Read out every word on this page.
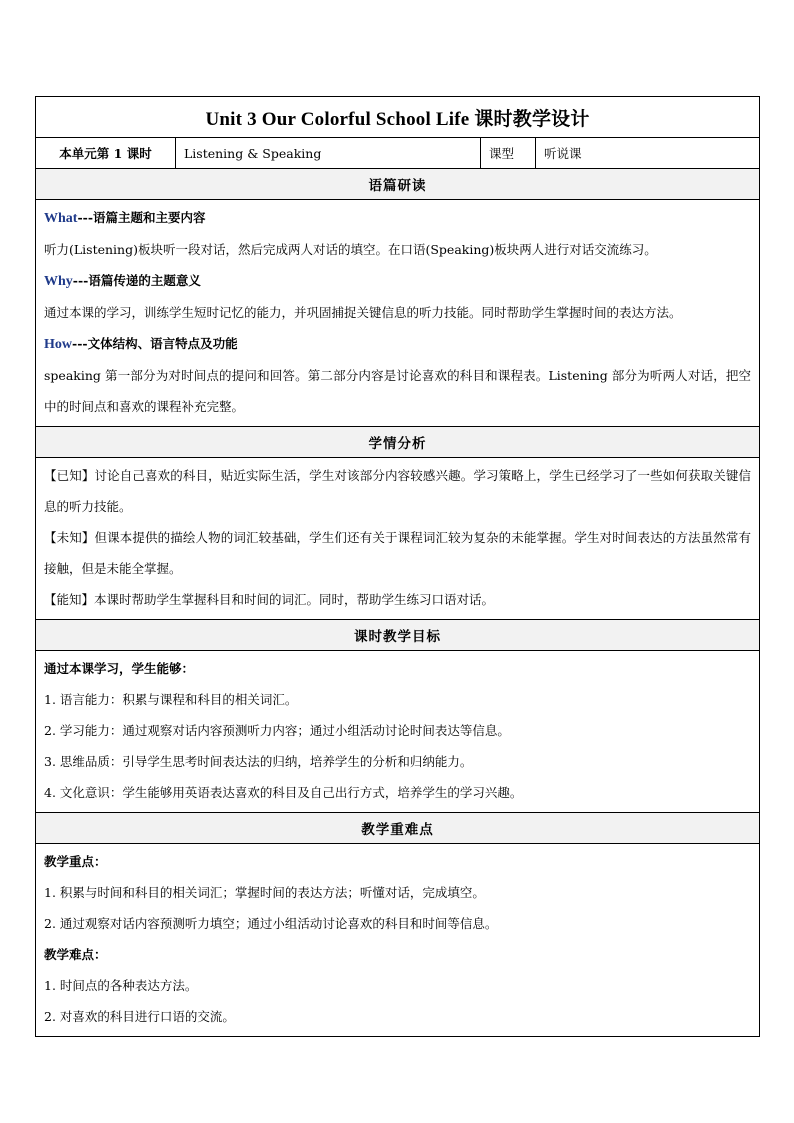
Unit 3 Our Colorful School Life 课时教学设计
本单元第 1 课时	Listening & Speaking	课型	听说课
语篇研读

What---语篇主题和主要内容
听力(Listening)板块听一段对话，然后完成两人对话的填空。在口语(Speaking)板块两人进行对话交流练习。
Why---语篇传递的主题意义
通过本课的学习，训练学生短时记忆的能力，并巩固捕捉关键信息的听力技能。同时帮助学生掌握时间的表达方法。
How---文体结构、语言特点及功能
speaking 第一部分为对时间点的提问和回答。第二部分内容是讨论喜欢的科目和课程表。Listening 部分为听两人对话，把空中的时间点和喜欢的课程补充完整。

学情分析

【已知】讨论自己喜欢的科目，贴近实际生活，学生对该部分内容较感兴趣。学习策略上，学生已经学习了一些如何获取关键信息的听力技能。
【未知】但课本提供的描绘人物的词汇较基础，学生们还有关于课程词汇较为复杂的未能掌握。学生对时间表达的方法虽然常有接触，但是未能全掌握。
【能知】本课时帮助学生掌握科目和时间的词汇。同时，帮助学生练习口语对话。

课时教学目标

通过本课学习，学生能够：
1. 语言能力：积累与课程和科目的相关词汇。
2. 学习能力：通过观察对话内容预测听力内容；通过小组活动讨论时间表达等信息。
3. 思维品质：引导学生思考时间表达法的归纳，培养学生的分析和归纳能力。
4. 文化意识：学生能够用英语表达喜欢的科目及自己出行方式，培养学生的学习兴趣。

教学重难点

教学重点：
1. 积累与时间和科目的相关词汇；掌握时间的表达方法；听懂对话，完成填空。
2. 通过观察对话内容预测听力填空；通过小组活动讨论喜欢的科目和时间等信息。
教学难点：
1. 时间点的各种表达方法。
2. 对喜欢的科目进行口语的交流。
